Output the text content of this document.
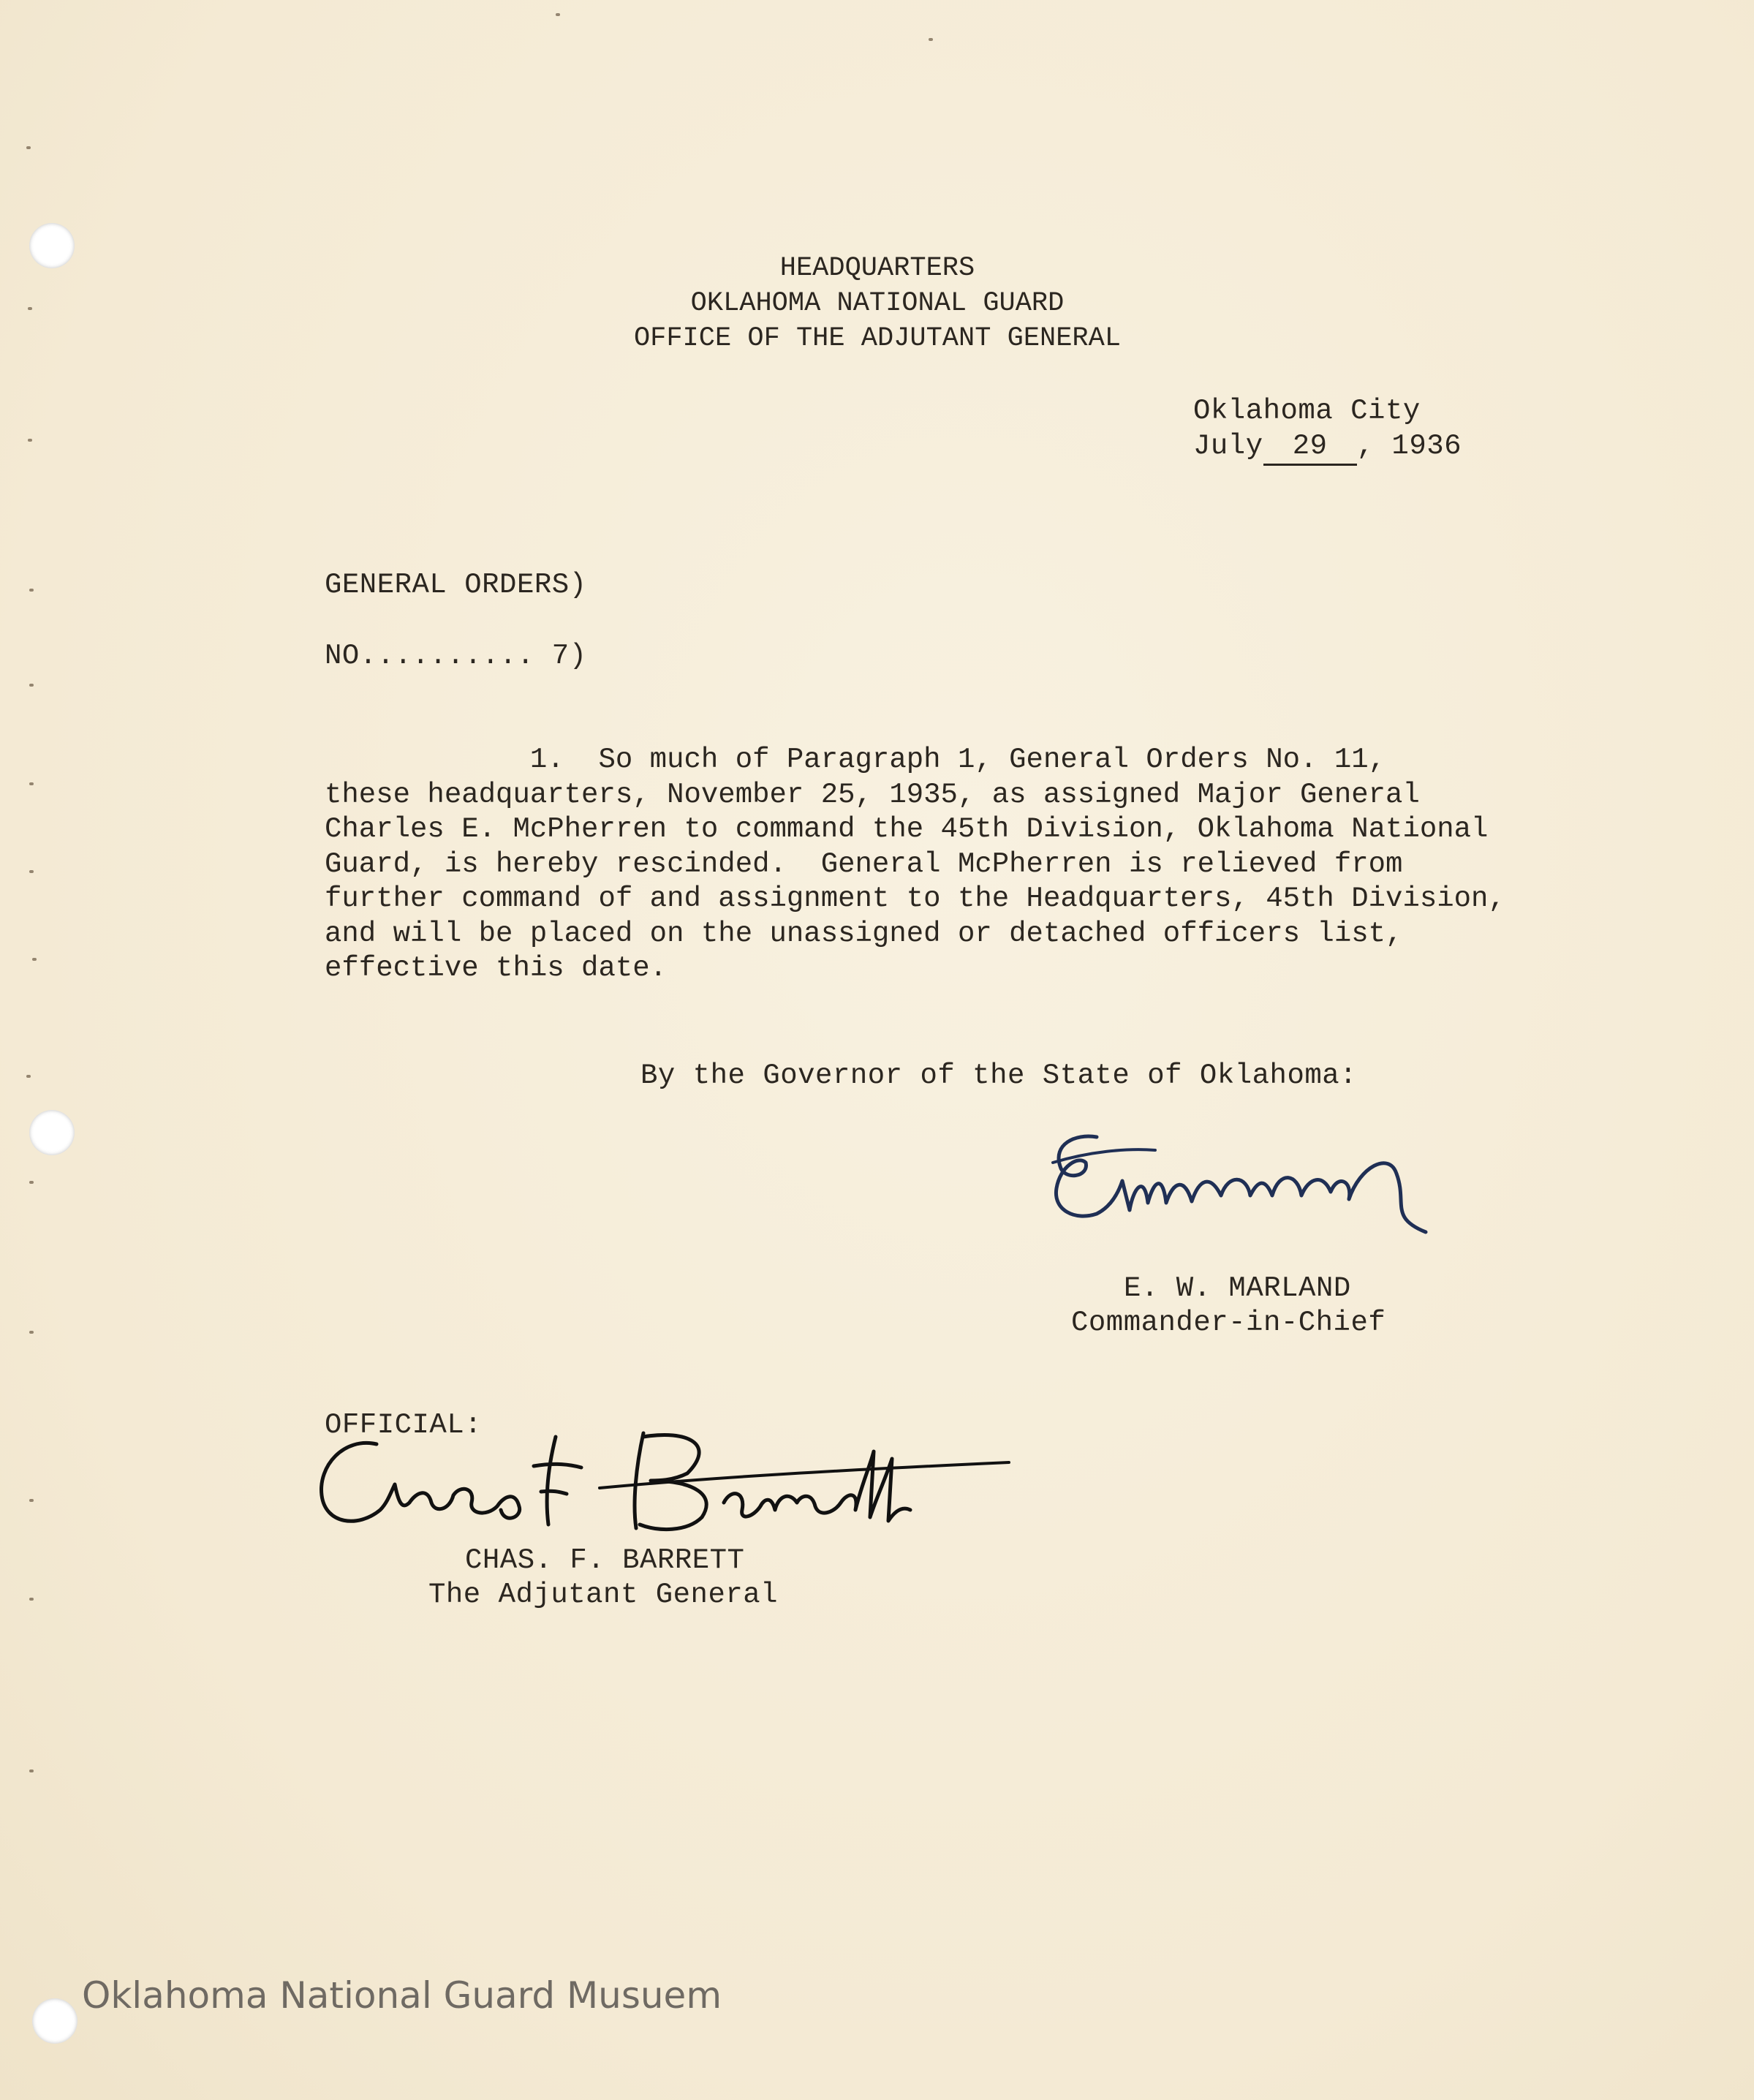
HEADQUARTERS
OKLAHOMA NATIONAL GUARD
OFFICE OF THE ADJUTANT GENERAL
Oklahoma City
July 29 , 1936
GENERAL ORDERS)
NO.......... 7)
1.  So much of Paragraph 1, General Orders No. 11,
these headquarters, November 25, 1935, as assigned Major General
Charles E. McPherren to command the 45th Division, Oklahoma National
Guard, is hereby rescinded.  General McPherren is relieved from
further command of and assignment to the Headquarters, 45th Division,
and will be placed on the unassigned or detached officers list,
effective this date.
By the Governor of the State of Oklahoma:
E. W. MARLAND
Commander-in-Chief
OFFICIAL:
CHAS. F. BARRETT
The Adjutant General
Oklahoma National Guard Musuem
